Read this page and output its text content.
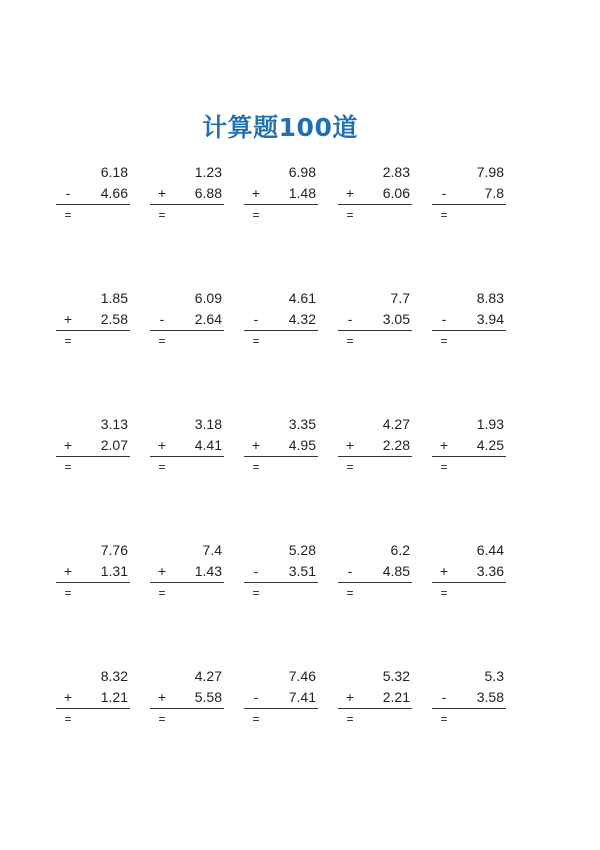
计算题100道
6.18
-	4.66
=
1.23
+ 6.88
=
6.98
+ 1.48
=
2.83
+ 6.06
=
7.98
-	7.8
=
1.85
+ 2.58
=
6.09
-	2.64
=
4.61
-	4.32
=
7.7
-	3.05
=
8.83
-	3.94
=
3.13
+ 2.07
=
3.18
+ 4.41
=
3.35
+ 4.95
=
4.27
+ 2.28
=
1.93
+ 4.25
=
7.76
+ 1.31
=
7.4
+ 1.43
=
5.28
-	3.51
=
6.2
-	4.85
=
6.44
+ 3.36
=
8.32
+ 1.21
=
4.27
+ 5.58
=
7.46
-	7.41
=
5.32
+ 2.21
=
5.3
-	3.58
=
